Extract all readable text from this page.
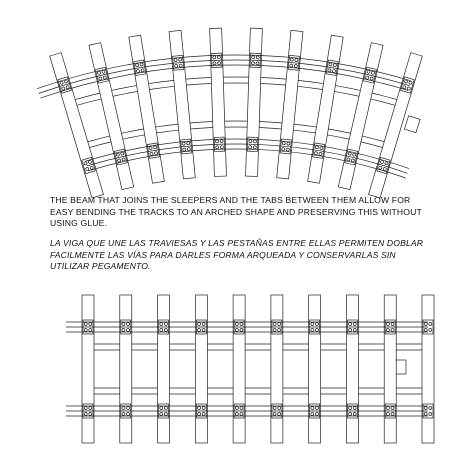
THE BEAM THAT JOINS THE SLEEPERS AND THE TABS BETWEEN THEM ALLOW FOR EASY BENDING THE TRACKS TO AN ARCHED SHAPE AND PRESERVING THIS WITHOUT USING GLUE.

LA VIGA QUE UNE LAS TRAVIESAS Y LAS PESTAÑAS ENTRE ELLAS PERMITEN DOBLAR FACILMENTE LAS VÍAS PARA DARLES FORMA ARQUEADA Y CONSERVARLAS SIN UTILIZAR PEGAMENTO.
